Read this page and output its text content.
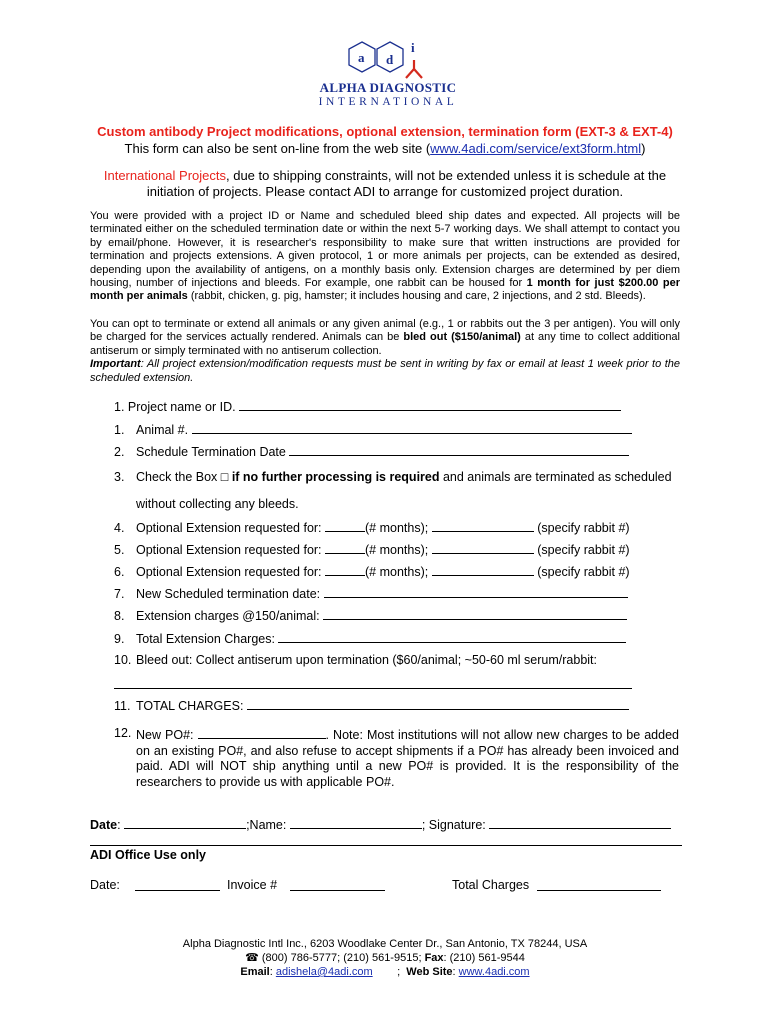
a d
i
ALPHA DIAGNOSTIC
INTERNATIONAL
Custom antibody Project modifications, optional extension, termination form (EXT-3 & EXT-4)
This form can also be sent on-line from the web site (www.4adi.com/service/ext3form.html)
International Projects, due to shipping constraints, will not be extended unless it is schedule at the initiation of projects. Please contact ADI to arrange for customized project duration.
You were provided with a project ID or Name and scheduled bleed ship dates and expected. All projects will be terminated either on the scheduled termination date or within the next 5-7 working days. We shall attempt to contact you by email/phone. However, it is researcher's responsibility to make sure that written instructions are provided for termination and projects extensions. A given protocol, 1 or more animals per projects, can be extended as desired, depending upon the availability of antigens, on a monthly basis only. Extension charges are determined by per diem housing, number of injections and bleeds. For example, one rabbit can be housed for 1 month for just $200.00 per month per animals (rabbit, chicken, g. pig, hamster; it includes housing and care, 2 injections, and 2 std. Bleeds).
You can opt to terminate or extend all animals or any given animal (e.g., 1 or rabbits out the 3 per antigen). You will only be charged for the services actually rendered. Animals can be bled out ($150/animal) at any time to collect additional antiserum or simply terminated with no antiserum collection.
Important: All project extension/modification requests must be sent in writing by fax or email at least 1 week prior to the scheduled extension.
1. Project name or ID.
1. Animal #.
2. Schedule Termination Date
3. Check the Box □ if no further processing is required and animals are terminated as scheduled
without collecting any bleeds.
4. Optional Extension requested for:	(# months);	(specify rabbit #)
5. Optional Extension requested for:	(# months);	(specify rabbit #)
6. Optional Extension requested for:	(# months);	(specify rabbit #)
7. New Scheduled termination date:
8. Extension charges @150/animal:
9. Total Extension Charges:
10. Bleed out: Collect antiserum upon termination ($60/animal; ~50-60 ml serum/rabbit:
11. TOTAL CHARGES:
12. New PO#:	. Note: Most institutions will not allow new charges to be added on an existing PO#, and also refuse to accept shipments if a PO# has already been invoiced and paid. ADI will NOT ship anything until a new PO# is provided. It is the responsibility of the researchers to provide us with applicable PO#.
Date:	;Name:	; Signature:
ADI Office Use only
Date:	Invoice #	Total Charges
Alpha Diagnostic Intl Inc., 6203 Woodlake Center Dr., San Antonio, TX 78244, USA
☎ (800) 786-5777; (210) 561-9515; Fax: (210) 561-9544
Email: adishela@4adi.com        ;  Web Site: www.4adi.com
